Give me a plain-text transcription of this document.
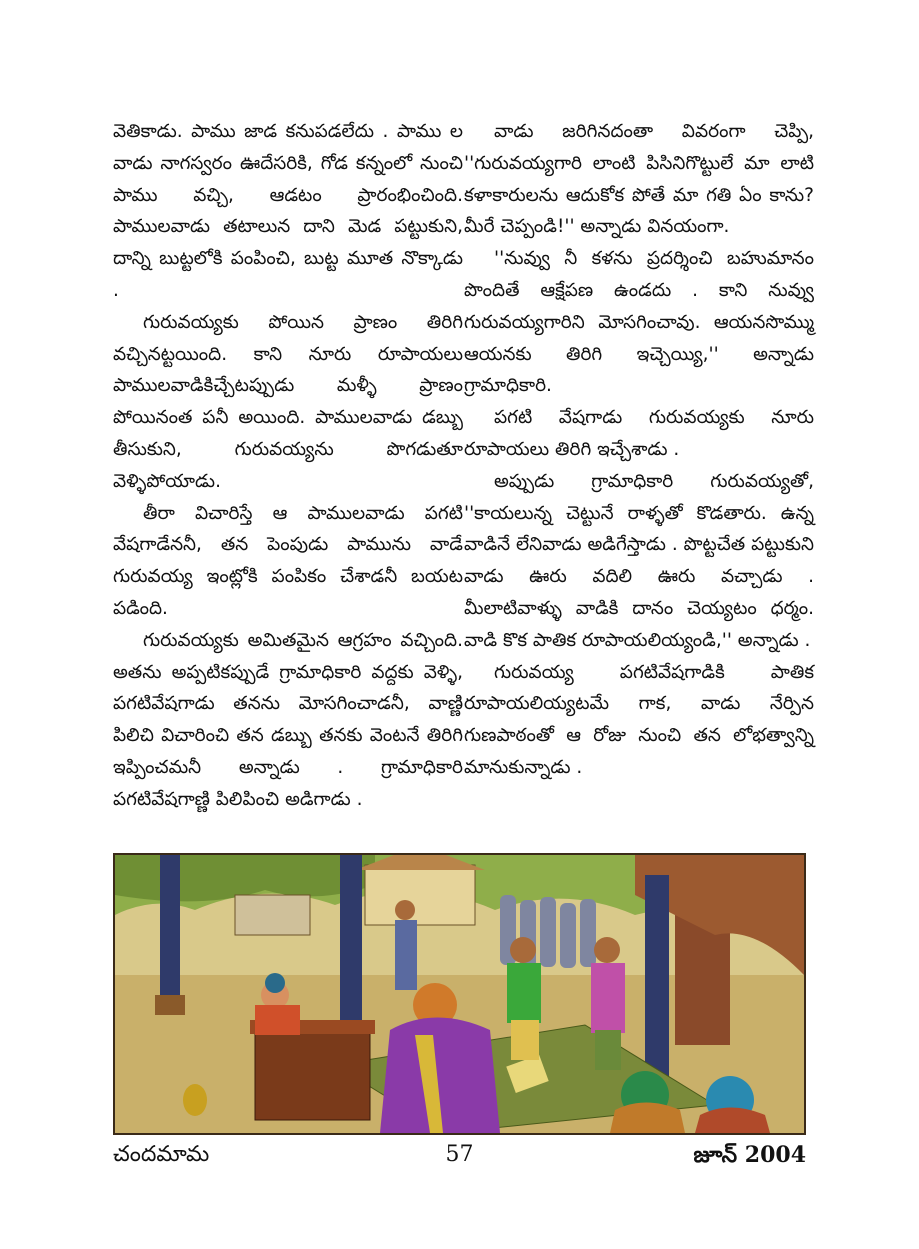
వెతికాడు. పాము జాడ కనుపడలేదు . పాము ల వాడు నాగస్వరం ఊదేసరికి, గోడ కన్నంలో నుంచి పాము వచ్చి, ఆడటం ప్రారంభించింది. పాములవాడు తటాలున దాని మెడ పట్టుకుని, దాన్ని బుట్టలోకి పంపించి, బుట్ట మూత నొక్కాడు .

గురువయ్యకు పోయిన ప్రాణం తిరిగి వచ్చినట్టయింది. కాని నూరు రూపాయలు పాములవాడికిచ్చేటప్పుడు మళ్ళీ ప్రాణం పోయినంత పనీ అయింది. పాములవాడు డబ్బు తీసుకుని, గురువయ్యను పొగడుతూ వెళ్ళిపోయాడు.

తీరా విచారిస్తే ఆ పాములవాడు పగటి వేషగాడేననీ, తన పెంపుడు పామును వాడే గురువయ్య ఇంట్లోకి పంపికం చేశాడనీ బయట పడింది.

గురువయ్యకు అమితమైన ఆగ్రహం వచ్చింది. అతను అప్పటికప్పుడే గ్రామాధికారి వద్దకు వెళ్ళి, పగటివేషగాడు తనను మోసగించాడనీ, వాణ్ణి పిలిచి విచారించి తన డబ్బు తనకు వెంటనే తిరిగి ఇప్పించమనీ అన్నాడు . గ్రామాధికారి పగటివేషగాణ్ణి పిలిపించి అడిగాడు .

వాడు జరిగినదంతా వివరంగా చెప్పి, ''గురువయ్యగారి లాంటి పిసినిగొట్టులే మా లాటి కళాకారులను ఆదుకోక పోతే మా గతి ఏం కాను? మీరే చెప్పండి!'' అన్నాడు వినయంగా.

''నువ్వు నీ కళను ప్రదర్శించి బహుమానం పొందితే ఆక్షేపణ ఉండదు . కాని నువ్వు గురువయ్యగారిని మోసగించావు. ఆయనసొమ్ము ఆయనకు తిరిగి ఇచ్చెయ్యి,'' అన్నాడు గ్రామాధికారి.

పగటి వేషగాడు గురువయ్యకు నూరు రూపాయలు తిరిగి ఇచ్చేశాడు .

అప్పుడు గ్రామాధికారి గురువయ్యతో, ''కాయలున్న చెట్టునే రాళ్ళతో కొడతారు. ఉన్న వాడినే లేనివాడు అడిగేస్తాడు . పొట్టచేత పట్టుకుని వాడు ఊరు వదిలి ఊరు వచ్చాడు . మీలాటివాళ్ళు వాడికి దానం చెయ్యటం ధర్మం. వాడి కొక పాతిక రూపాయలియ్యండి,'' అన్నాడు .

గురువయ్య పగటివేషగాడికి పాతిక రూపాయలియ్యటమే గాక, వాడు నేర్పిన గుణపాఠంతో ఆ రోజు నుంచి తన లోభత్వాన్ని మానుకున్నాడు .

చందమామ	57	జూన్ 2004
